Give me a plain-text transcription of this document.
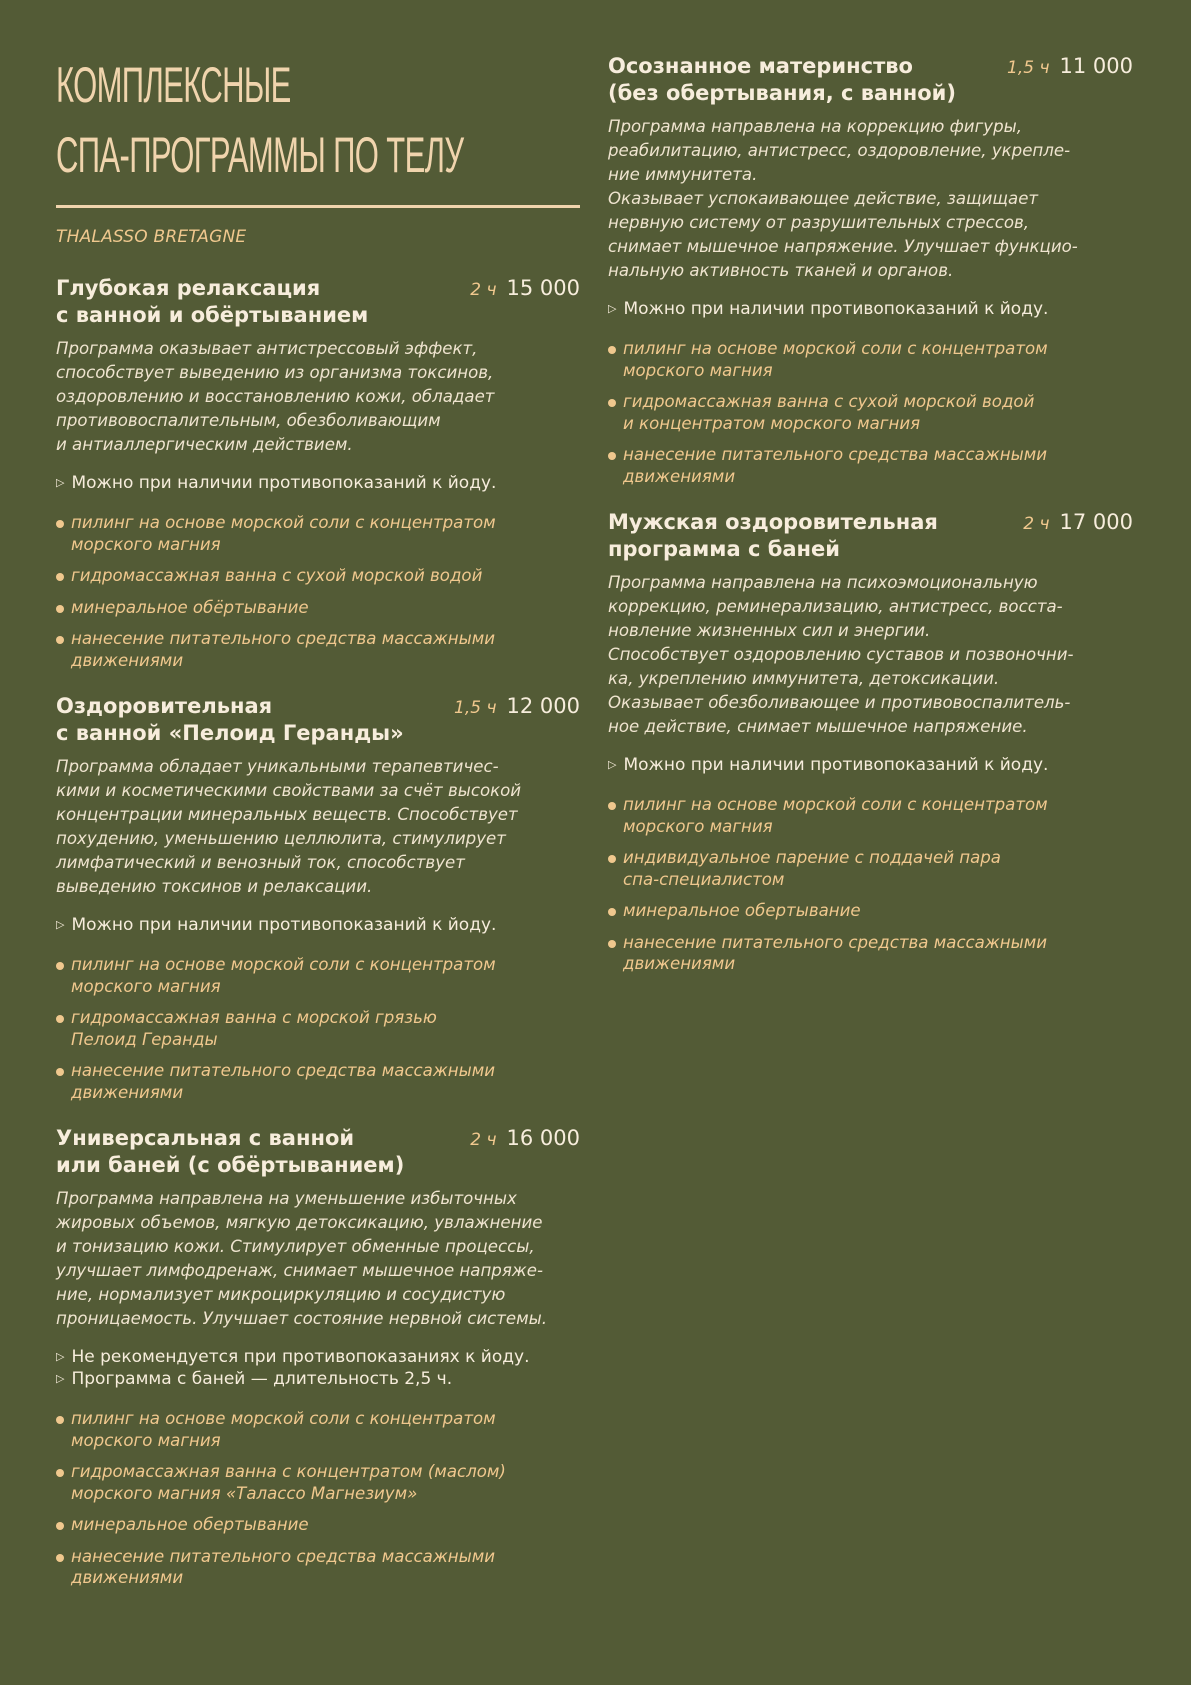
КОМПЛЕКСНЫЕ
СПА-ПРОГРАММЫ ПО ТЕЛУ
THALASSO BRETAGNE
Глубокая релаксация
с ванной и обёртыванием
2 ч 15 000
Программа оказывает антистрессовый эффект,
способствует выведению из организма токсинов,
оздоровлению и восстановлению кожи, обладает
противовоспалительным, обезболивающим
и антиаллергическим действием.
▷ Можно при наличии противопоказаний к йоду.
пилинг на основе морской соли с концентратом
морского магния
гидромассажная ванна с сухой морской водой
минеральное обёртывание
нанесение питательного средства массажными
движениями
Оздоровительная
с ванной «Пелоид Геранды»
1,5 ч 12 000
Программа обладает уникальными терапевтичес-
кими и косметическими свойствами за счёт высокой
концентрации минеральных веществ. Способствует
похудению, уменьшению целлюлита, стимулирует
лимфатический и венозный ток, способствует
выведению токсинов и релаксации.
▷ Можно при наличии противопоказаний к йоду.
пилинг на основе морской соли с концентратом
морского магния
гидромассажная ванна с морской грязью
Пелоид Геранды
нанесение питательного средства массажными
движениями
Универсальная с ванной
или баней (с обёртыванием)
2 ч 16 000
Программа направлена на уменьшение избыточных
жировых объемов, мягкую детоксикацию, увлажнение
и тонизацию кожи. Стимулирует обменные процессы,
улучшает лимфодренаж, снимает мышечное напряже-
ние, нормализует микроциркуляцию и сосудистую
проницаемость. Улучшает состояние нервной системы.
▷ Не рекомендуется при противопоказаниях к йоду.
▷ Программа с баней — длительность 2,5 ч.
пилинг на основе морской соли с концентратом
морского магния
гидромассажная ванна с концентратом (маслом)
морского магния «Талассо Магнезиум»
минеральное обертывание
нанесение питательного средства массажными
движениями
Осознанное материнство
(без обертывания, с ванной)
1,5 ч 11 000
Программа направлена на коррекцию фигуры,
реабилитацию, антистресс, оздоровление, укрепле-
ние иммунитета.
Оказывает успокаивающее действие, защищает
нервную систему от разрушительных стрессов,
снимает мышечное напряжение. Улучшает функцио-
нальную активность тканей и органов.
▷ Можно при наличии противопоказаний к йоду.
пилинг на основе морской соли с концентратом
морского магния
гидромассажная ванна с сухой морской водой
и концентратом морского магния
нанесение питательного средства массажными
движениями
Мужская оздоровительная
программа с баней
2 ч 17 000
Программа направлена на психоэмоциональную
коррекцию, реминерализацию, антистресс, восста-
новление жизненных сил и энергии.
Способствует оздоровлению суставов и позвоночни-
ка, укреплению иммунитета, детоксикации.
Оказывает обезболивающее и противовоспалитель-
ное действие, снимает мышечное напряжение.
▷ Можно при наличии противопоказаний к йоду.
пилинг на основе морской соли с концентратом
морского магния
индивидуальное парение с поддачей пара
спа-специалистом
минеральное обертывание
нанесение питательного средства массажными
движениями
